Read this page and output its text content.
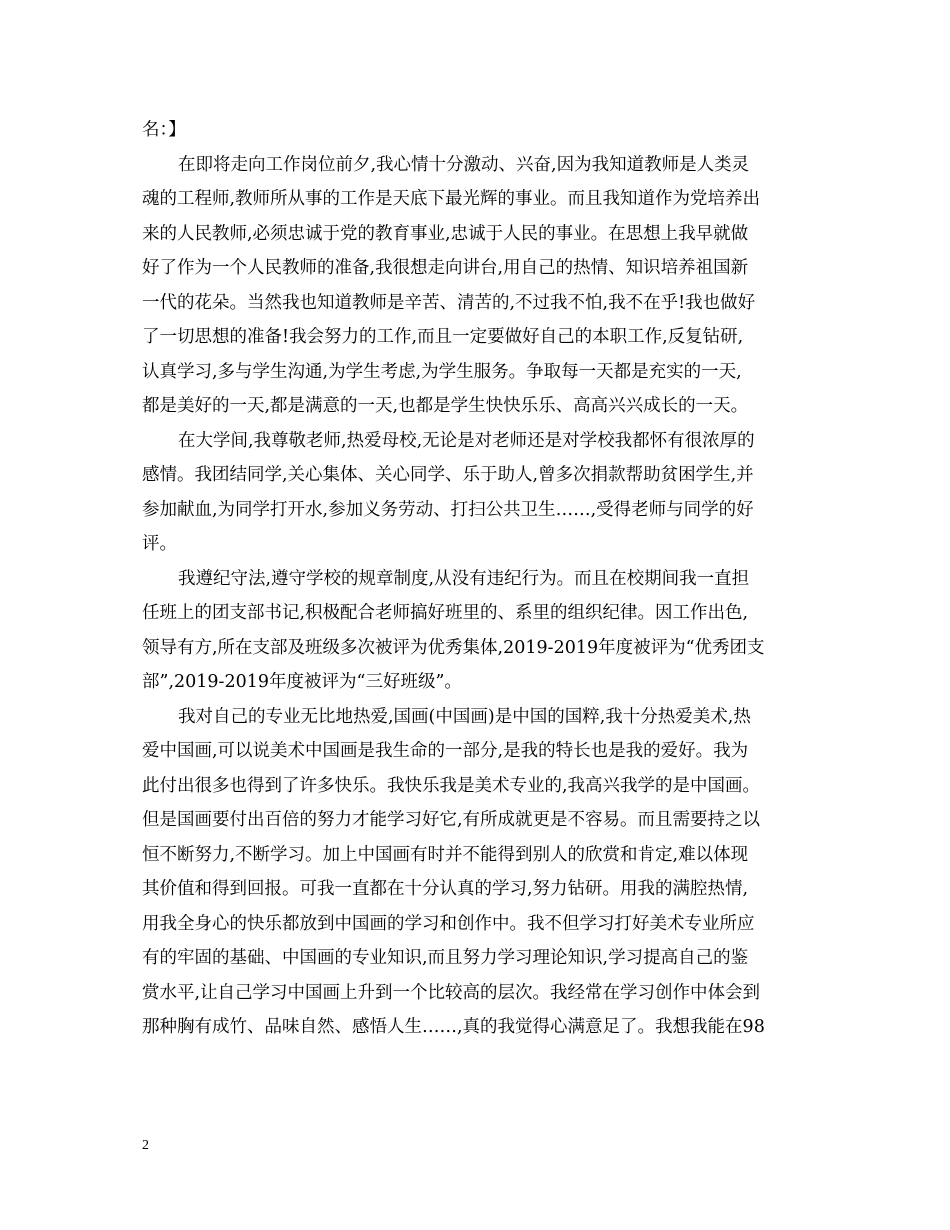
名：】
在即将走向工作岗位前夕,我心情十分激动、兴奋,因为我知道教师是人类灵
魂的工程师,教师所从事的工作是天底下最光辉的事业。而且我知道作为党培养出
来的人民教师,必须忠诚于党的教育事业,忠诚于人民的事业。在思想上我早就做
好了作为一个人民教师的准备,我很想走向讲台,用自己的热情、知识培养祖国新
一代的花朵。当然我也知道教师是辛苦、清苦的,不过我不怕,我不在乎!我也做好
了一切思想的准备!我会努力的工作,而且一定要做好自己的本职工作,反复钻研,
认真学习,多与学生沟通,为学生考虑,为学生服务。争取每一天都是充实的一天,
都是美好的一天,都是满意的一天,也都是学生快快乐乐、高高兴兴成长的一天。
在大学间,我尊敬老师,热爱母校,无论是对老师还是对学校我都怀有很浓厚的
感情。我团结同学,关心集体、关心同学、乐于助人,曾多次捐款帮助贫困学生,并
参加献血,为同学打开水,参加义务劳动、打扫公共卫生……,受得老师与同学的好
评。
我遵纪守法,遵守学校的规章制度,从没有违纪行为。而且在校期间我一直担
任班上的团支部书记,积极配合老师搞好班里的、系里的组织纪律。因工作出色,
领导有方,所在支部及班级多次被评为优秀集体,2019-2019年度被评为“优秀团支
部”,2019-2019年度被评为“三好班级”。
我对自己的专业无比地热爱,国画(中国画)是中国的国粹,我十分热爱美术,热
爱中国画,可以说美术中国画是我生命的一部分,是我的特长也是我的爱好。我为
此付出很多也得到了许多快乐。我快乐我是美术专业的,我高兴我学的是中国画。
但是国画要付出百倍的努力才能学习好它,有所成就更是不容易。而且需要持之以
恒不断努力,不断学习。加上中国画有时并不能得到别人的欣赏和肯定,难以体现
其价值和得到回报。可我一直都在十分认真的学习,努力钻研。用我的满腔热情,
用我全身心的快乐都放到中国画的学习和创作中。我不但学习打好美术专业所应
有的牢固的基础、中国画的专业知识,而且努力学习理论知识,学习提高自己的鉴
赏水平,让自己学习中国画上升到一个比较高的层次。我经常在学习创作中体会到
那种胸有成竹、品味自然、感悟人生……,真的我觉得心满意足了。我想我能在98
2
